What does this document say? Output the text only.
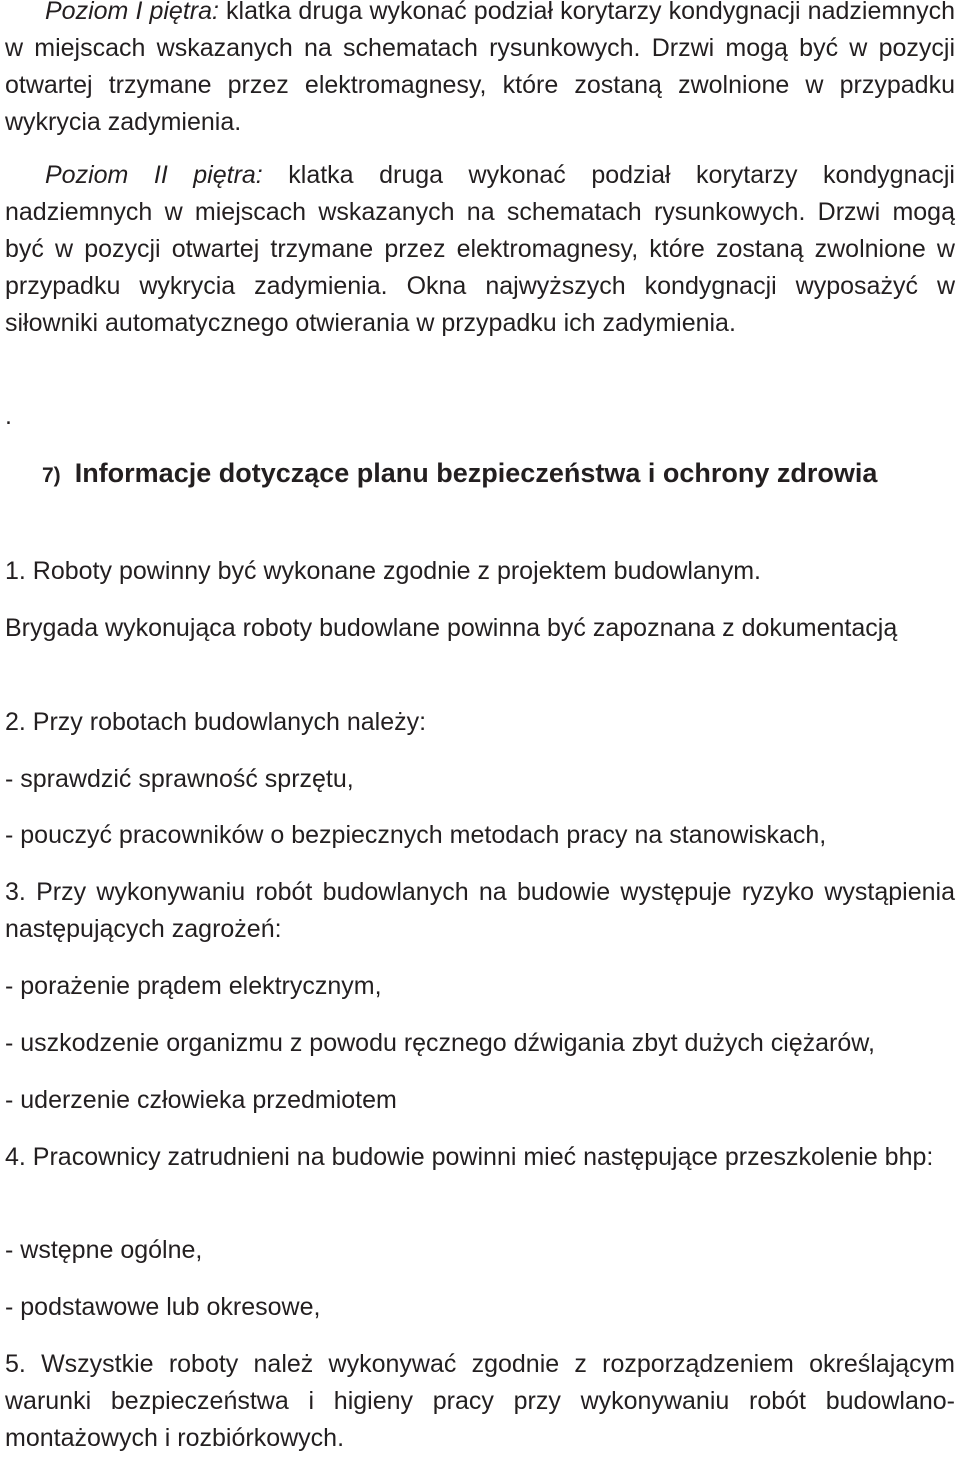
Poziom I piętra: klatka druga wykonać podział korytarzy kondygnacji nadziemnych w miejscach wskazanych na schematach rysunkowych. Drzwi mogą być w pozycji otwartej trzymane przez elektromagnesy, które zostaną zwolnione w przypadku wykrycia zadymienia.

Poziom II piętra: klatka druga wykonać podział korytarzy kondygnacji nadziemnych w miejscach wskazanych na schematach rysunkowych. Drzwi mogą być w pozycji otwartej trzymane przez elektromagnesy, które zostaną zwolnione w przypadku wykrycia zadymienia. Okna najwyższych kondygnacji wyposażyć w siłowniki automatycznego otwierania w przypadku ich zadymienia.

.

7) Informacje dotyczące planu bezpieczeństwa i ochrony zdrowia

1. Roboty powinny być wykonane zgodnie z projektem budowlanym.

Brygada wykonująca roboty budowlane powinna być zapoznana z dokumentacją

2. Przy robotach budowlanych należy:

- sprawdzić sprawność sprzętu,

- pouczyć pracowników o bezpiecznych metodach pracy na stanowiskach,

3. Przy wykonywaniu robót budowlanych na budowie występuje ryzyko wystąpienia następujących zagrożeń:

- porażenie prądem elektrycznym,

- uszkodzenie organizmu z powodu ręcznego dźwigania zbyt dużych ciężarów,

- uderzenie człowieka przedmiotem

4. Pracownicy zatrudnieni na budowie powinni mieć następujące przeszkolenie bhp:

- wstępne ogólne,

- podstawowe lub okresowe,

5. Wszystkie roboty należ wykonywać zgodnie z rozporządzeniem określającym warunki bezpieczeństwa i higieny pracy przy wykonywaniu robót budowlano-montażowych i rozbiórkowych.
